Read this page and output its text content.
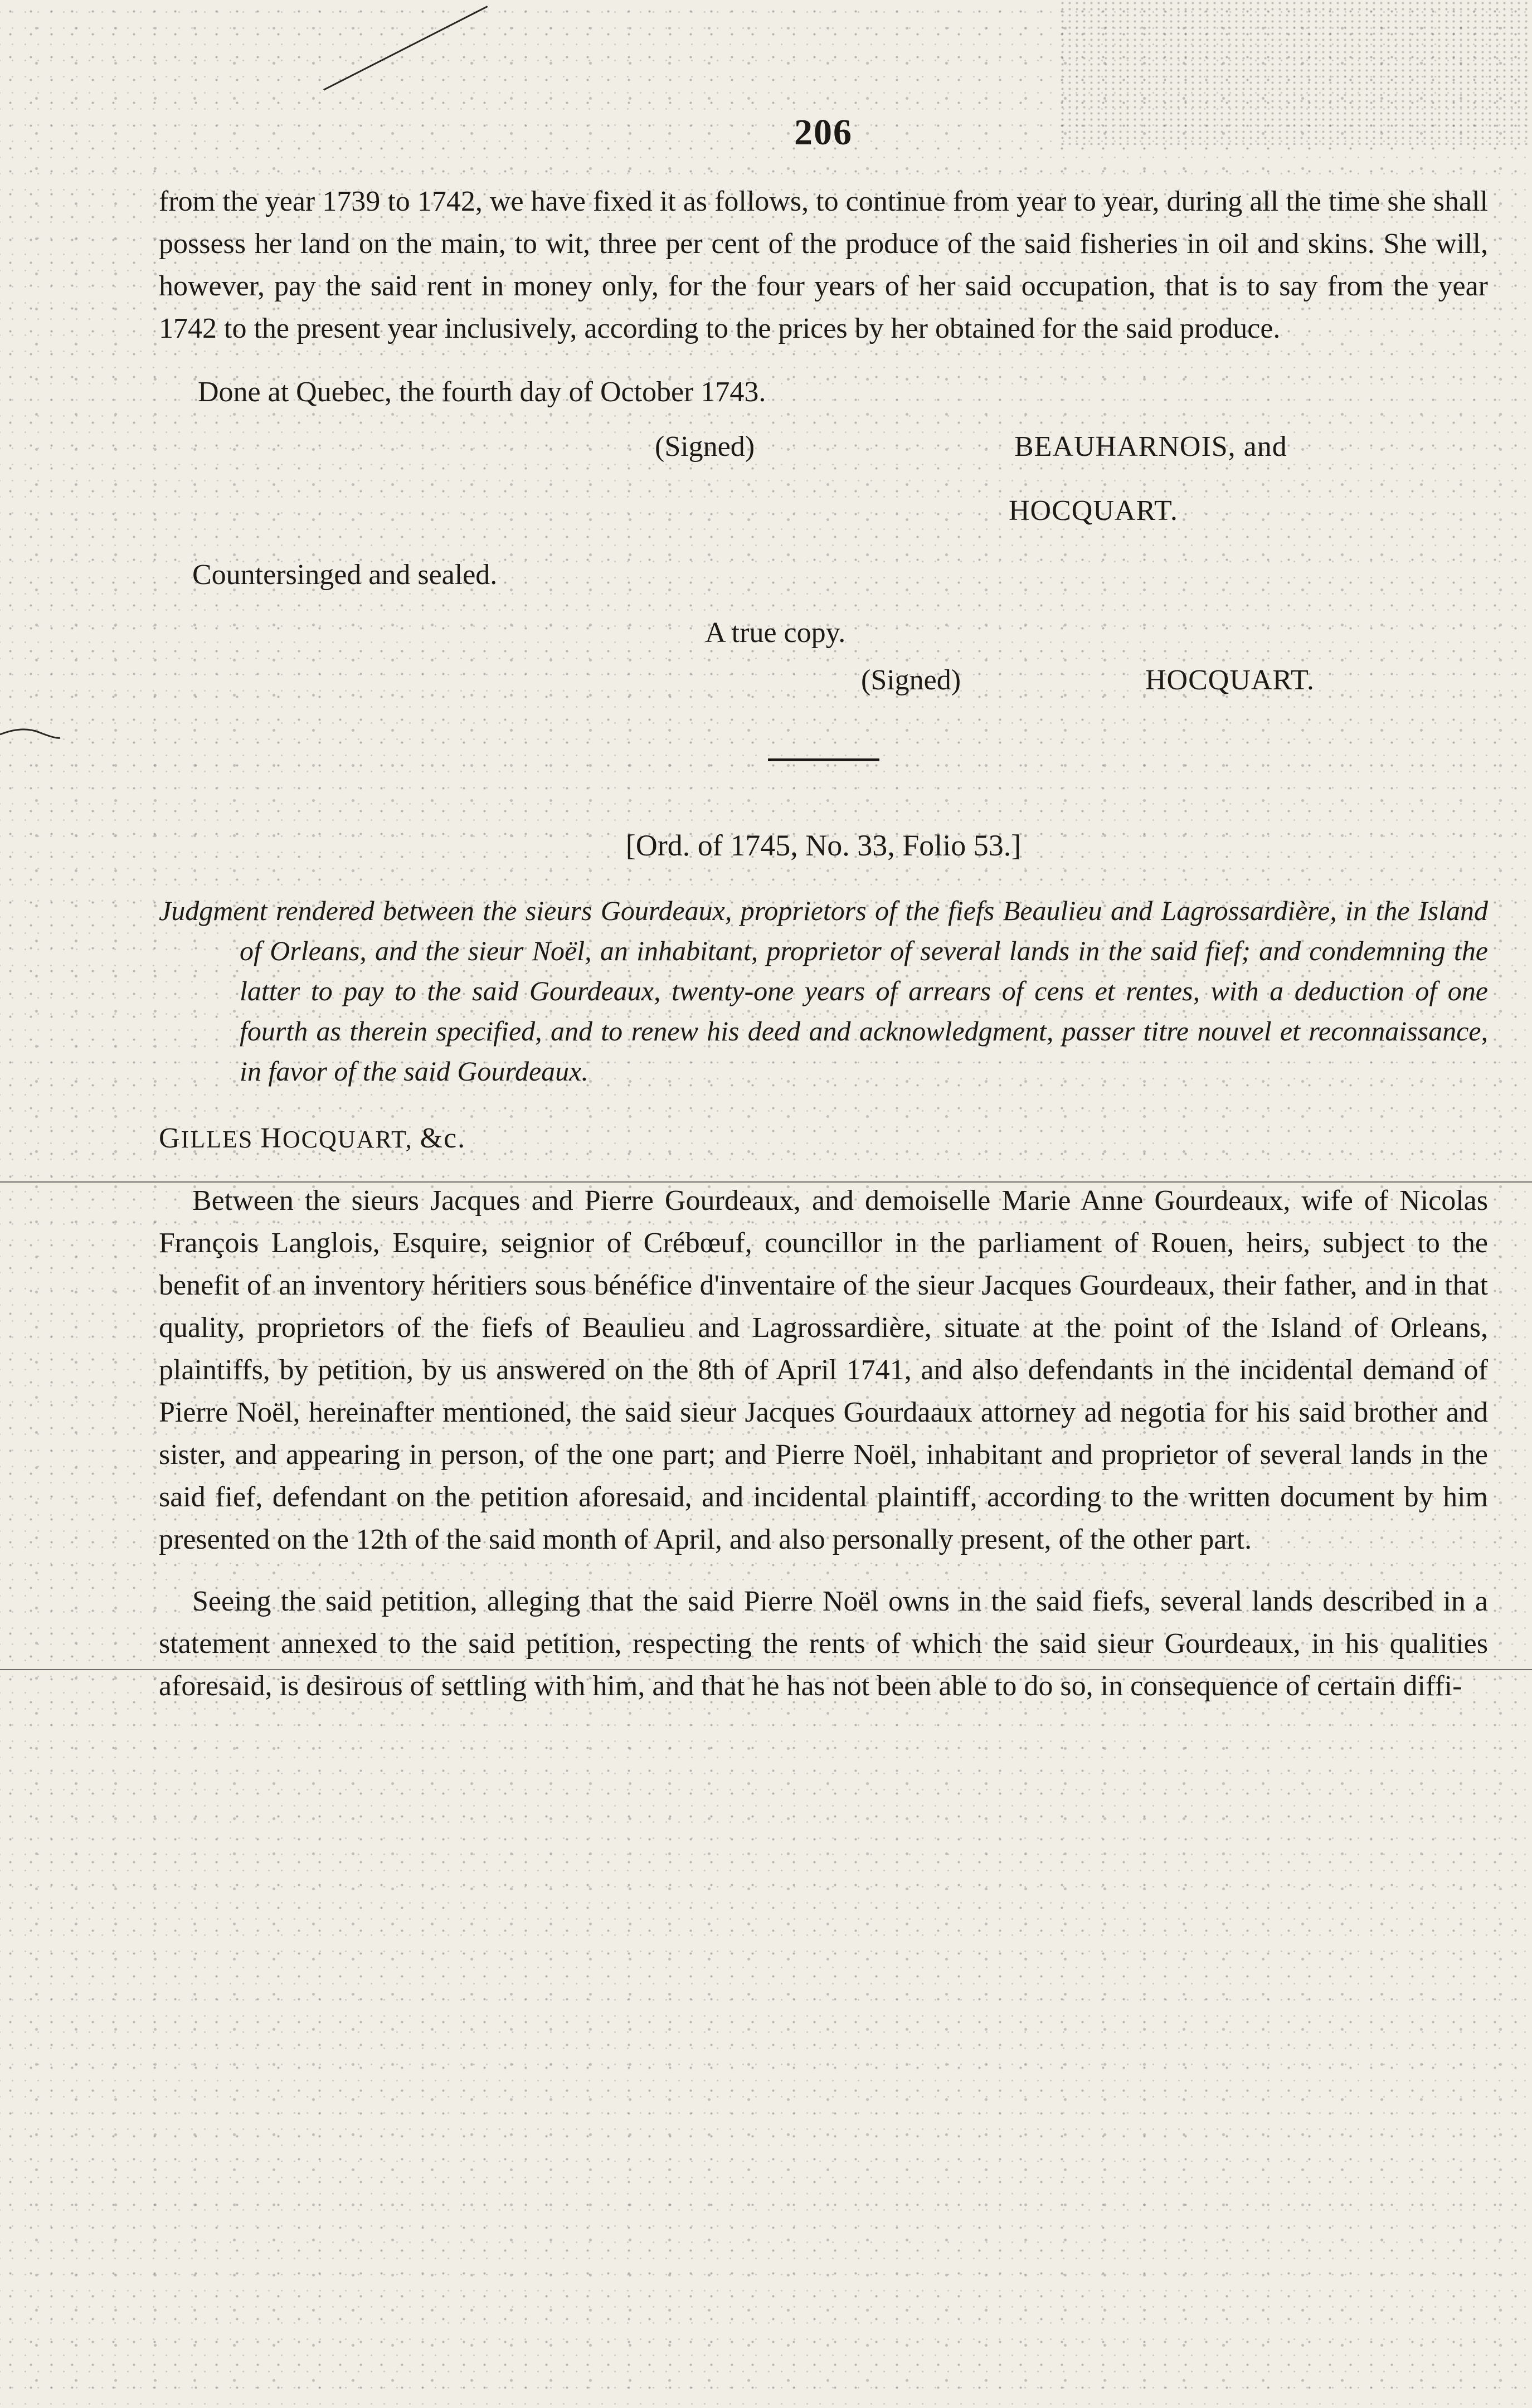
206

from the year 1739 to 1742, we have fixed it as follows, to continue from year to year, during all the time she shall possess her land on the main, to wit, three per cent of the produce of the said fisheries in oil and skins. She will, however, pay the said rent in money only, for the four years of her said occupation, that is to say from the year 1742 to the present year inclusively, according to the prices by her obtained for the said produce.

Done at Quebec, the fourth day of October 1743.

(Signed)	BEAUHARNOIS, and
HOCQUART.

Countersinged and sealed.

A true copy.
(Signed)	HOCQUART.
[Ord. of 1745, No. 33, Folio 53.]

Judgment rendered between the sieurs Gourdeaux, proprietors of the fiefs Beaulieu and Lagrossardière, in the Island of Orleans, and the sieur Noël, an inhabitant, proprietor of several lands in the said fief; and condemning the latter to pay to the said Gourdeaux, twenty-one years of arrears of cens et rentes, with a deduction of one fourth as therein specified, and to renew his deed and acknowledgment, passer titre nouvel et reconnaissance, in favor of the said Gourdeaux.

GILLES HOCQUART, &c.

Between the sieurs Jacques and Pierre Gourdeaux, and demoiselle Marie Anne Gourdeaux, wife of Nicolas François Langlois, Esquire, seignior of Crébœuf, councillor in the parliament of Rouen, heirs, subject to the benefit of an inventory héritiers sous bénéfice d'inventaire of the sieur Jacques Gourdeaux, their father, and in that quality, proprietors of the fiefs of Beaulieu and Lagrossardière, situate at the point of the Island of Orleans, plaintiffs, by petition, by us answered on the 8th of April 1741, and also defendants in the incidental demand of Pierre Noël, hereinafter mentioned, the said sieur Jacques Gourdaaux attorney ad negotia for his said brother and sister, and appearing in person, of the one part; and Pierre Noël, inhabitant and proprietor of several lands in the said fief, defendant on the petition aforesaid, and incidental plaintiff, according to the written document by him presented on the 12th of the said month of April, and also personally present, of the other part.

Seeing the said petition, alleging that the said Pierre Noël owns in the said fiefs, several lands described in a statement annexed to the said petition, respecting the rents of which the said sieur Gourdeaux, in his qualities aforesaid, is desirous of settling with him, and that he has not been able to do so, in consequence of certain diffi-
